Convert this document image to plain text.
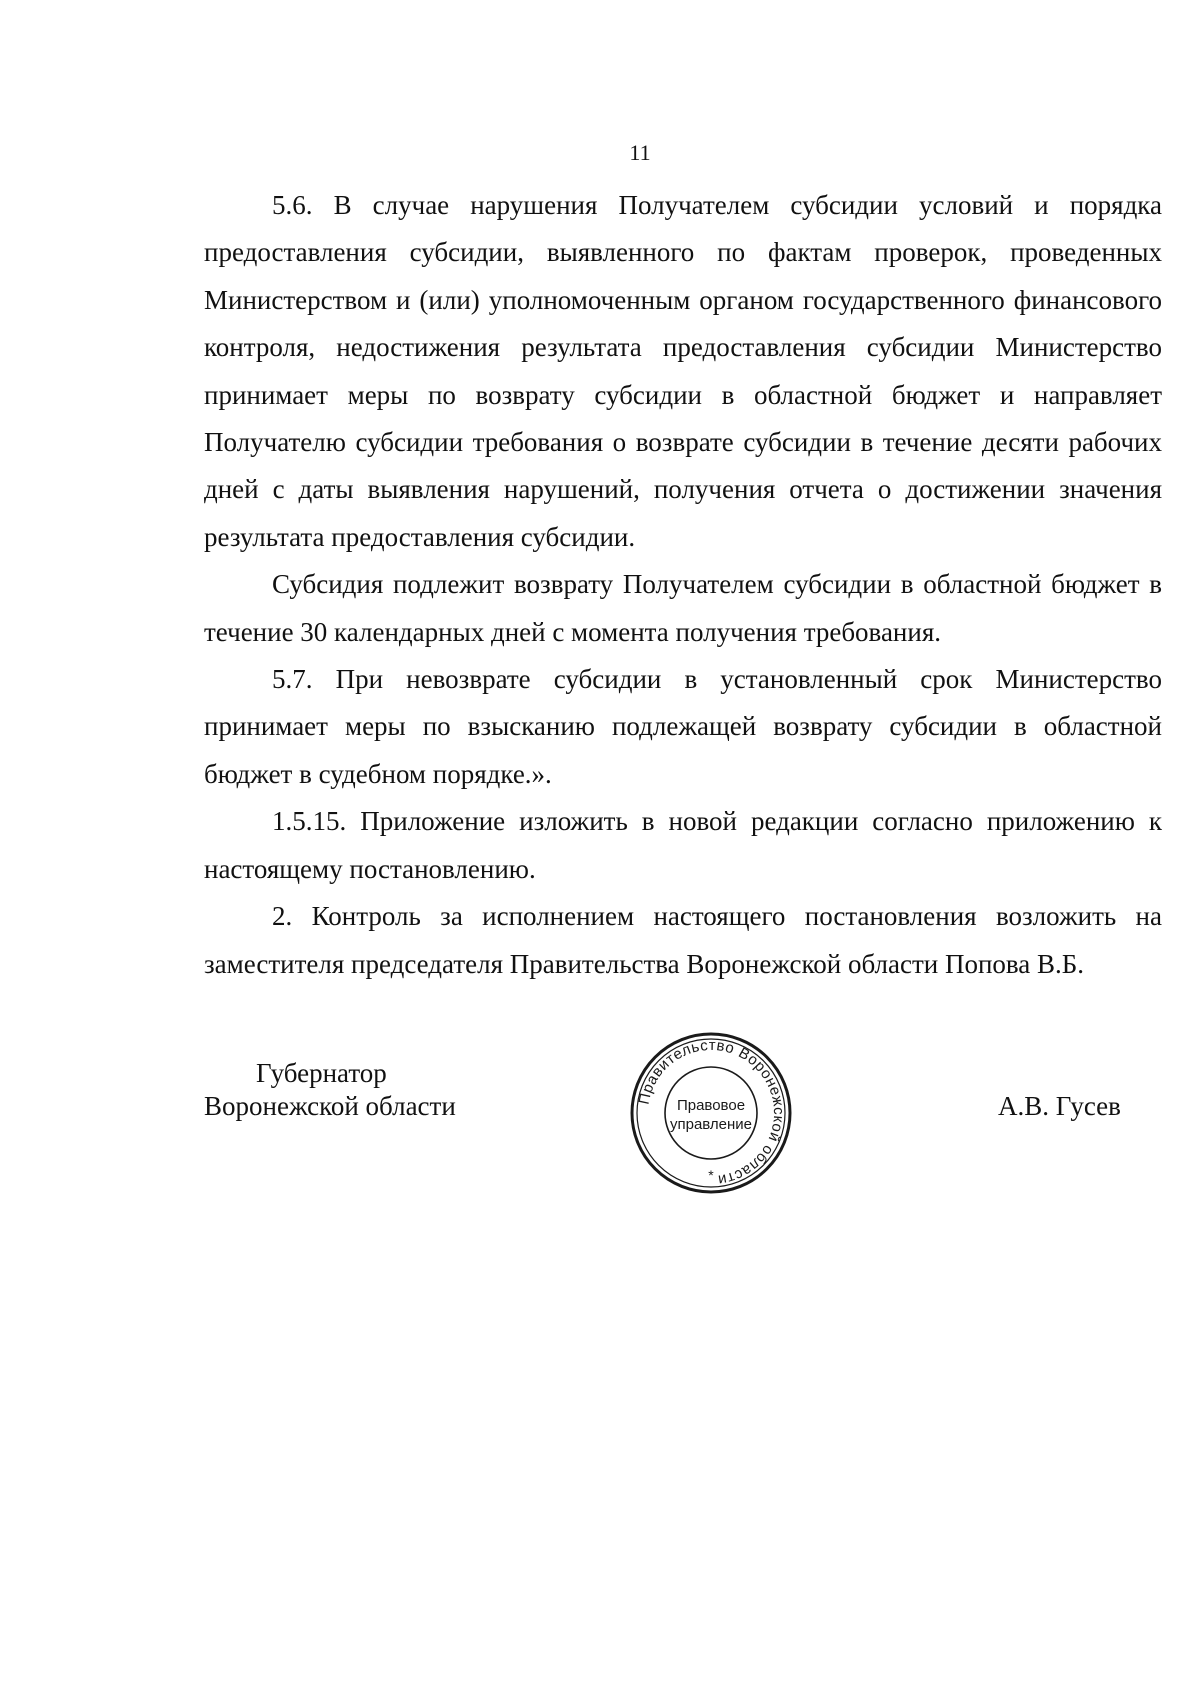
11

5.6. В случае нарушения Получателем субсидии условий и порядка предоставления субсидии, выявленного по фактам проверок, проведенных Министерством и (или) уполномоченным органом государственного финансового контроля, недостижения результата предоставления субсидии Министерство принимает меры по возврату субсидии в областной бюджет и направляет Получателю субсидии требования о возврате субсидии в течение десяти рабочих дней с даты выявления нарушений, получения отчета о достижении значения результата предоставления субсидии.

Субсидия подлежит возврату Получателем субсидии в областной бюджет в течение 30 календарных дней с момента получения требования.

5.7. При невозврате субсидии в установленный срок Министерство принимает меры по взысканию подлежащей возврату субсидии в областной бюджет в судебном порядке.».

1.5.15. Приложение изложить в новой редакции согласно приложению к настоящему постановлению.

2. Контроль за исполнением настоящего постановления возложить на заместителя председателя Правительства Воронежской области Попова В.Б.

Губернатор
Воронежской области	А.В. Гусев
Правительство Воронежской области
Правовое
управление
*
